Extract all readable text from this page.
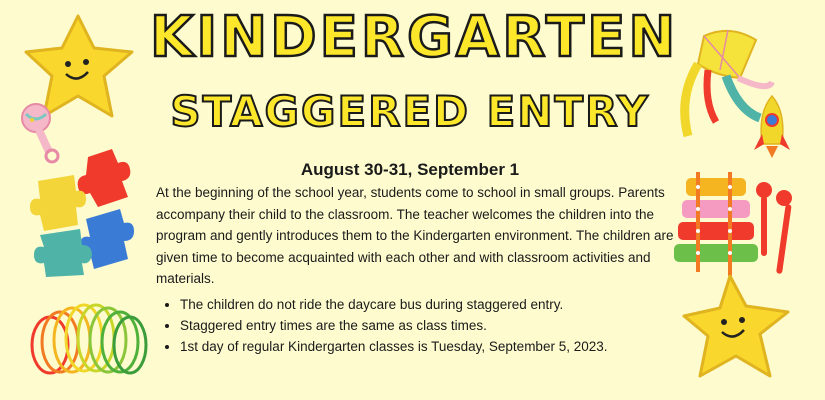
KINDERGARTEN
STAGGERED ENTRY
August 30-31, September 1

At the beginning of the school year, students come to school in small groups. Parents accompany their child to the classroom. The teacher welcomes the children into the program and gently introduces them to the Kindergarten environment. The children are given time to become acquainted with each other and with classroom activities and materials.

• The children do not ride the daycare bus during staggered entry.
• Staggered entry times are the same as class times.
• 1st day of regular Kindergarten classes is Tuesday, September 5, 2023.
